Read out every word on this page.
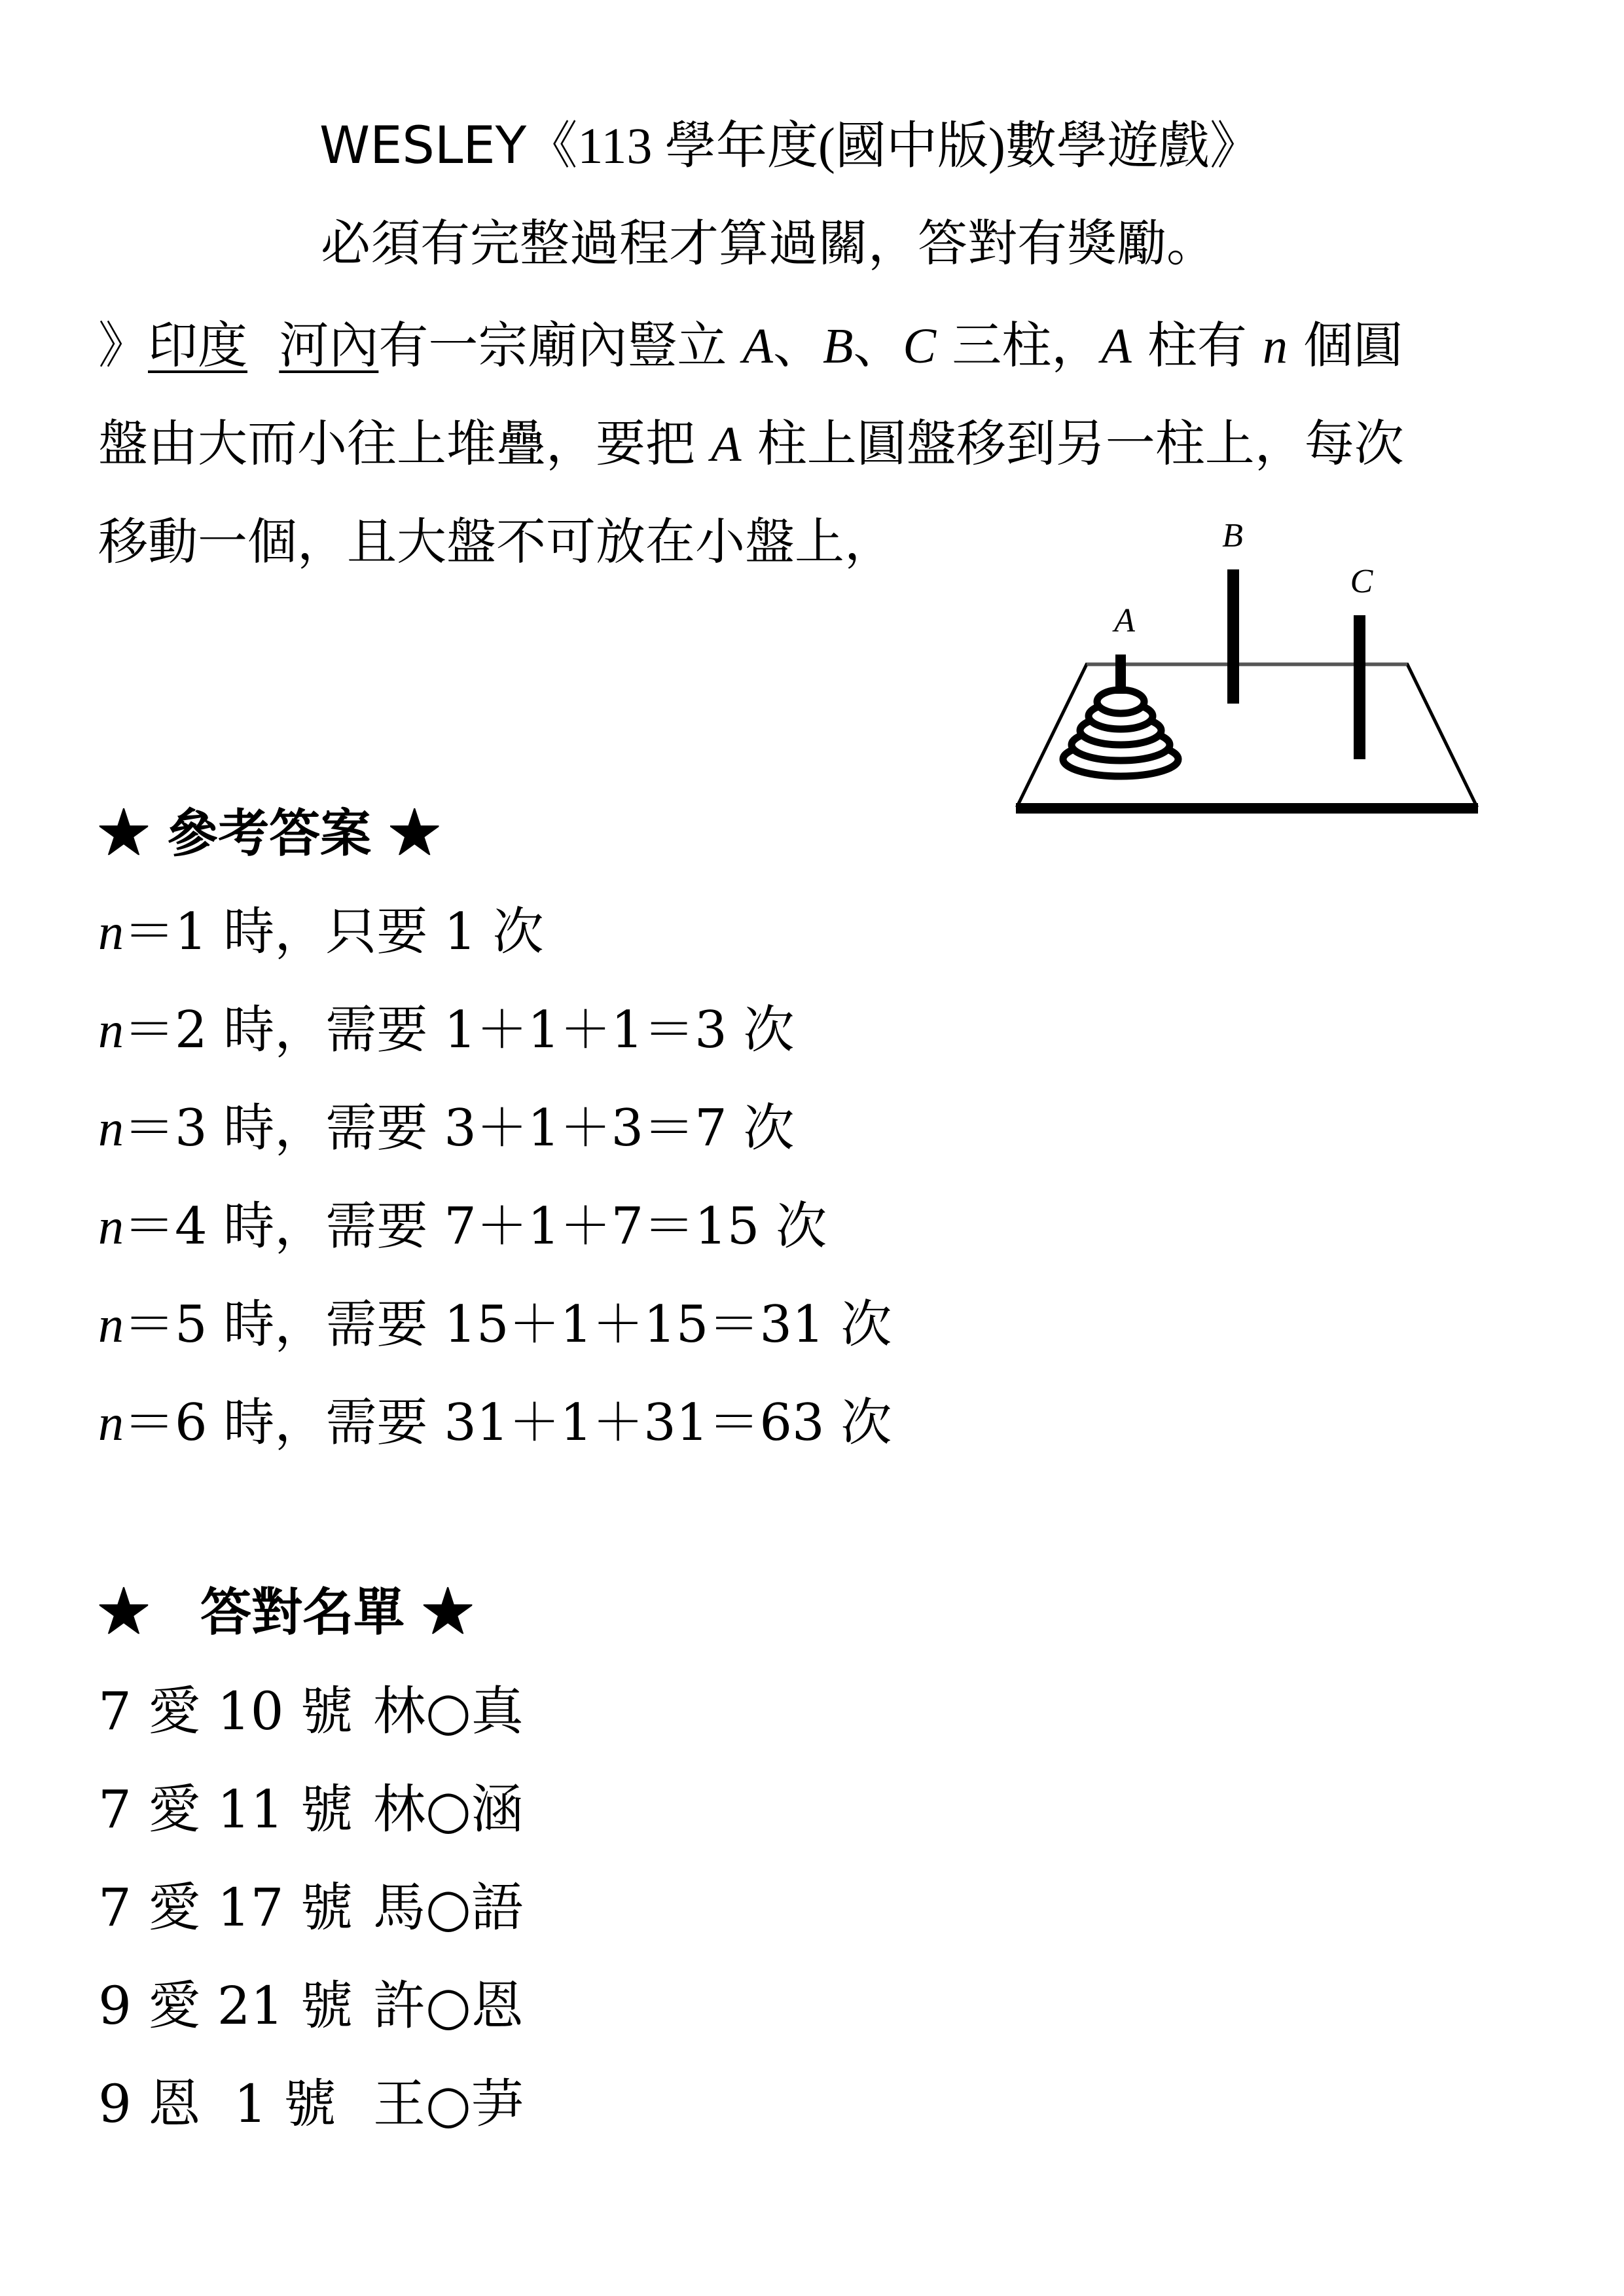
WESLEY《113 學年度(國中版)數學遊戲》
必須有完整過程才算過關，答對有獎勵。
》印度 河內有一宗廟內豎立 A、B、C 三柱，A 柱有 n 個圓
盤由大而小往上堆疊，要把 A 柱上圓盤移到另一柱上，每次
移動一個，且大盤不可放在小盤上，
A
B
C
★ 參考答案 ★
n＝1 時，只要 1 次
n＝2 時，需要 1＋1＋1＝3 次
n＝3 時，需要 3＋1＋3＝7 次
n＝4 時，需要 7＋1＋7＝15 次
n＝5 時，需要 15＋1＋15＝31 次
n＝6 時，需要 31＋1＋31＝63 次
★　答對名單 ★
7 愛 10 號 林○真
7 愛 11 號 林○涵
7 愛 17 號 馬○語
9 愛 21 號 許○恩
9 恩  1 號 王○芛
